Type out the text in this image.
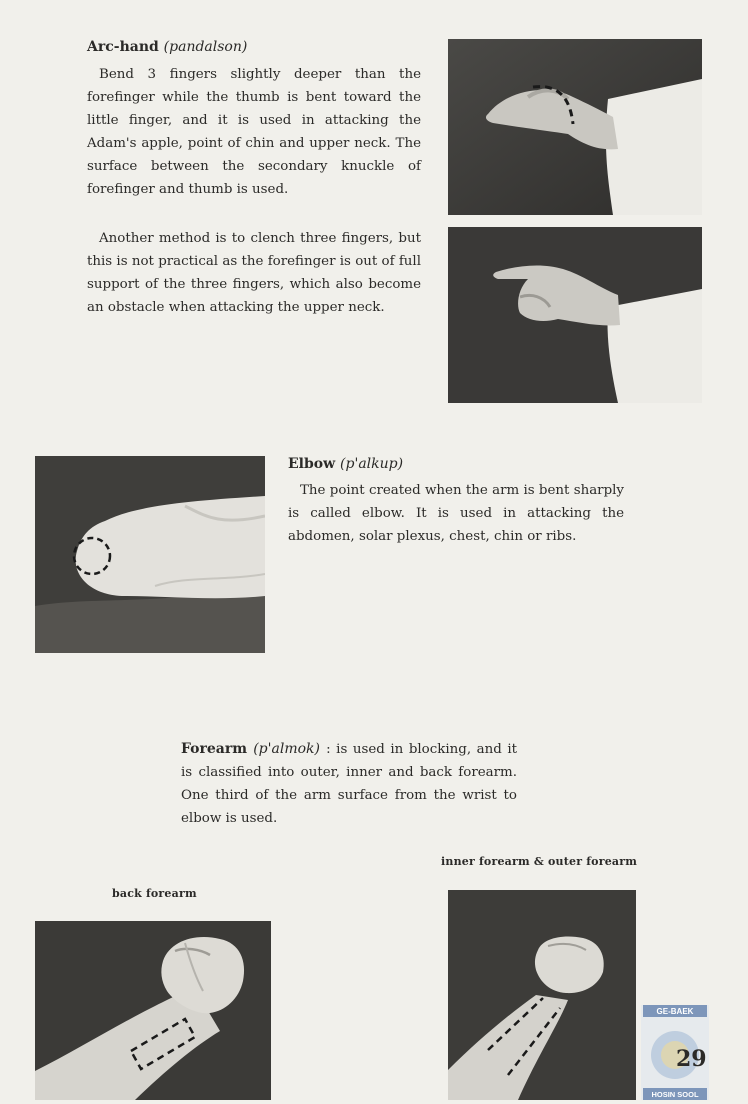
Arc-hand (pandalson)

Bend 3 fingers slightly deeper than the forefinger while the thumb is bent toward the little finger, and it is used in attacking the Adam's apple, point of chin and upper neck. The surface between the secondary knuckle of forefinger and thumb is used.

Another method is to clench three fingers, but this is not practical as the forefinger is out of full support of the three fingers, which also become an obstacle when attacking the upper neck.

Elbow (p'alkup)

The point created when the arm is bent sharply is called elbow. It is used in attacking the abdomen, solar plexus, chest, chin or ribs.

Forearm (p'almok) : is used in blocking, and it is classified into outer, inner and back forearm. One third of the arm surface from the wrist to elbow is used.
back forearm
inner forearm & outer forearm
GE-BAEK
HOSIN SOOL
29
